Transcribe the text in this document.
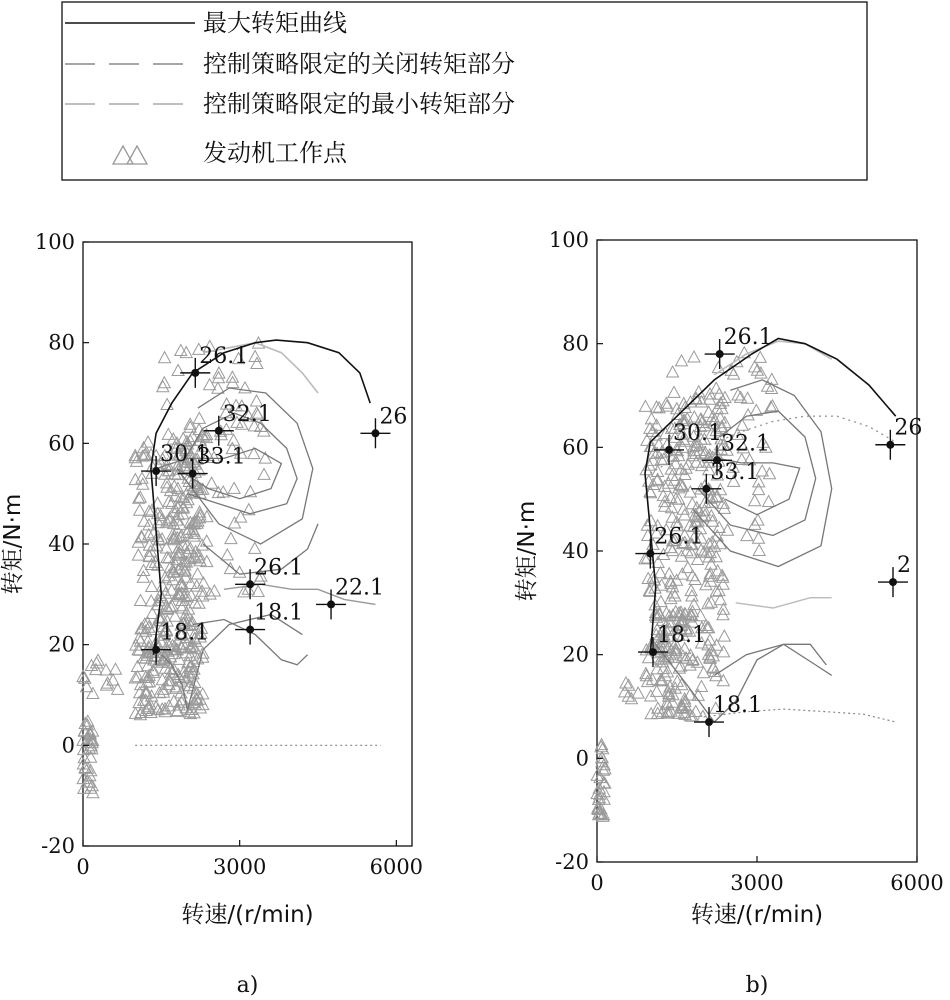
最大转矩曲线
控制策略限定的关闭转矩部分
控制策略限定的最小转矩部分
发动机工作点
26.1
32.1
30.1
33.1
26
26.1
22.1
18.1
18.1
0	3000	6000
100
80
60
40
20
0
-20
转速/(r/min)
转矩/N·m
a)
26.1
30.1 32.1
33.1
26
26.1
2
18.1
18.1
0	3000	6000
100
80
60
40
20
0
-20
转速/(r/min)
转矩/N·m
b)
